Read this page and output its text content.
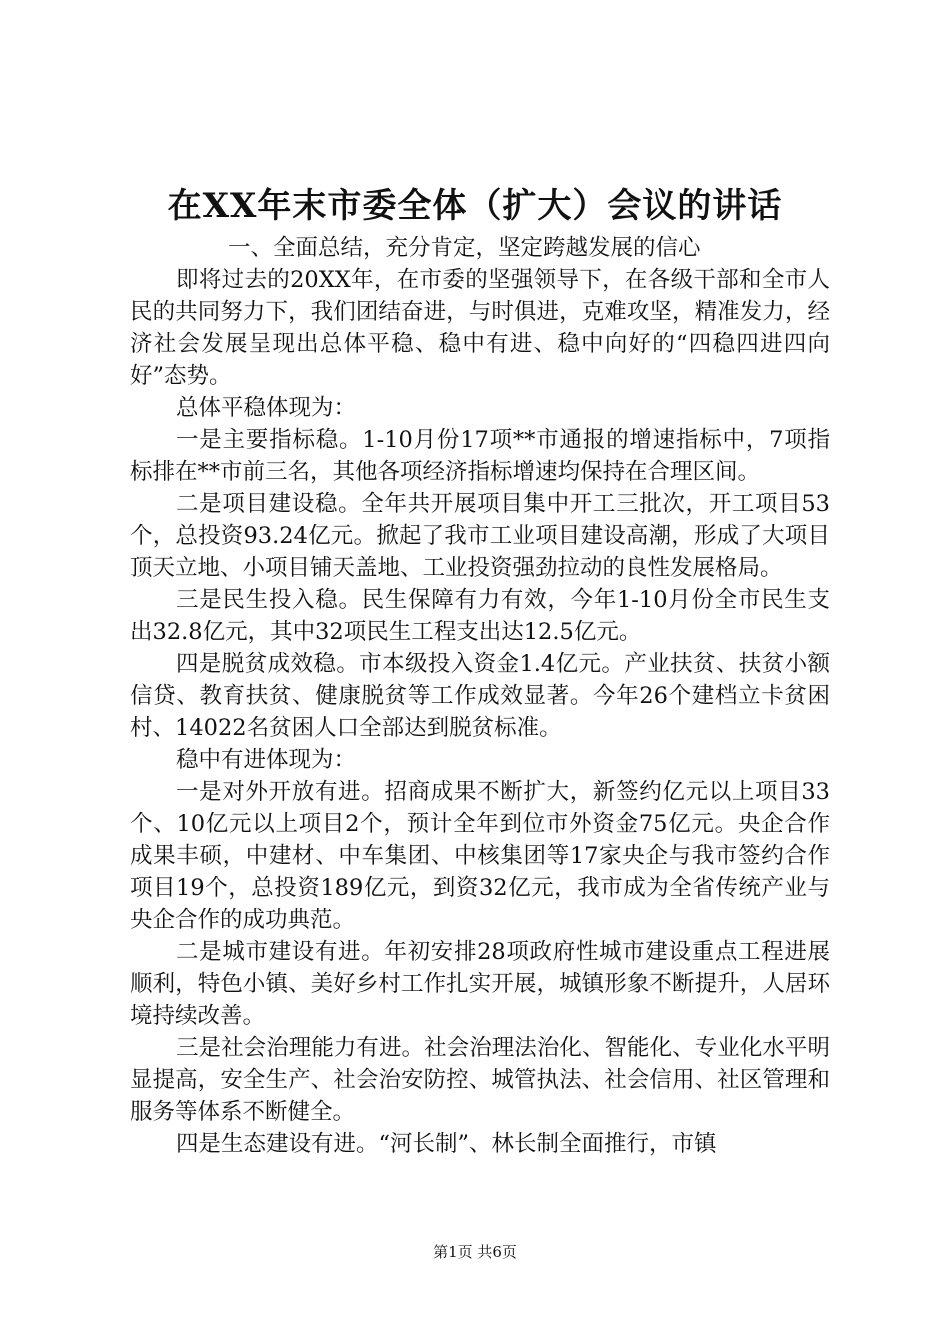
在XX年末市委全体（扩大）会议的讲话

一、全面总结，充分肯定，坚定跨越发展的信心

即将过去的20XX年，在市委的坚强领导下，在各级干部和全市人民的共同努力下，我们团结奋进，与时俱进，克难攻坚，精准发力，经济社会发展呈现出总体平稳、稳中有进、稳中向好的“四稳四进四向好”态势。

总体平稳体现为：

一是主要指标稳。1-10月份17项**市通报的增速指标中，7项指标排在**市前三名，其他各项经济指标增速均保持在合理区间。

二是项目建设稳。全年共开展项目集中开工三批次，开工项目53个，总投资93.24亿元。掀起了我市工业项目建设高潮，形成了大项目顶天立地、小项目铺天盖地、工业投资强劲拉动的良性发展格局。

三是民生投入稳。民生保障有力有效，今年1-10月份全市民生支出32.8亿元，其中32项民生工程支出达12.5亿元。

四是脱贫成效稳。市本级投入资金1.4亿元。产业扶贫、扶贫小额信贷、教育扶贫、健康脱贫等工作成效显著。今年26个建档立卡贫困村、14022名贫困人口全部达到脱贫标准。

稳中有进体现为：

一是对外开放有进。招商成果不断扩大，新签约亿元以上项目33个、10亿元以上项目2个，预计全年到位市外资金75亿元。央企合作成果丰硕，中建材、中车集团、中核集团等17家央企与我市签约合作项目19个，总投资189亿元，到资32亿元，我市成为全省传统产业与央企合作的成功典范。

二是城市建设有进。年初安排28项政府性城市建设重点工程进展顺利，特色小镇、美好乡村工作扎实开展，城镇形象不断提升，人居环境持续改善。

三是社会治理能力有进。社会治理法治化、智能化、专业化水平明显提高，安全生产、社会治安防控、城管执法、社会信用、社区管理和服务等体系不断健全。

四是生态建设有进。“河长制”、林长制全面推行，市镇

第1页 共6页
